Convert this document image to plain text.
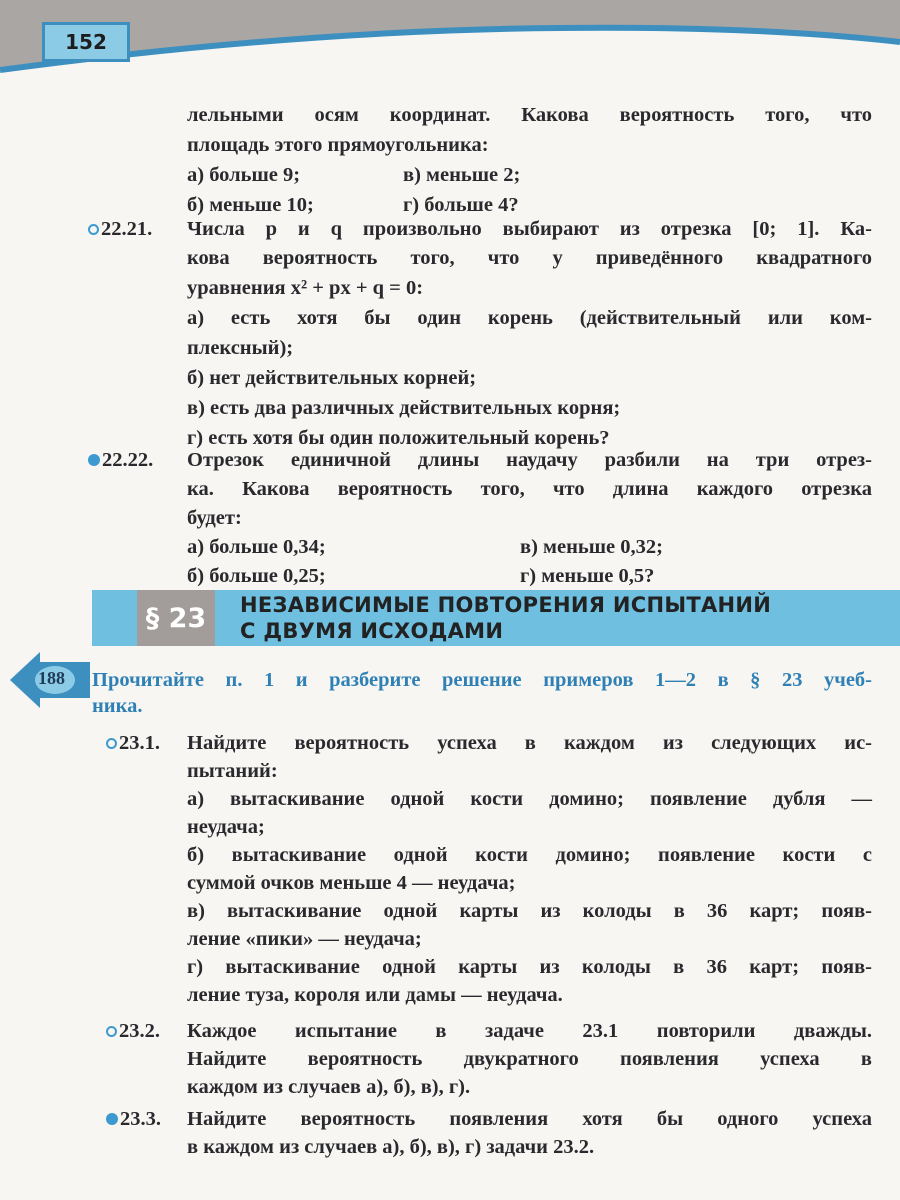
152
лельными осям координат. Какова вероятность того, что
площадь этого прямоугольника:
а) больше 9;	в) меньше 2;
б) меньше 10;	г) больше 4?
22.21. Числа p и q произвольно выбирают из отрезка [0; 1]. Ка-
кова вероятность того, что у приведённого квадратного
уравнения x² + px + q = 0:
а) есть хотя бы один корень (действительный или ком-
плексный);
б) нет действительных корней;
в) есть два различных действительных корня;
г) есть хотя бы один положительный корень?
22.22. Отрезок единичной длины наудачу разбили на три отрез-
ка. Какова вероятность того, что длина каждого отрезка
будет:
а) больше 0,34;	в) меньше 0,32;
б) больше 0,25;	г) меньше 0,5?
§ 23	НЕЗАВИСИМЫЕ ПОВТОРЕНИЯ ИСПЫТАНИЙ
С ДВУМЯ ИСХОДАМИ
188 Прочитайте п. 1 и разберите решение примеров 1—2 в § 23 учеб-
ника.
23.1. Найдите вероятность успеха в каждом из следующих ис-
пытаний:
а) вытаскивание одной кости домино; появление дубля —
неудача;
б) вытаскивание одной кости домино; появление кости с
суммой очков меньше 4 — неудача;
в) вытаскивание одной карты из колоды в 36 карт; появ-
ление «пики» — неудача;
г) вытаскивание одной карты из колоды в 36 карт; появ-
ление туза, короля или дамы — неудача.
23.2. Каждое испытание в задаче 23.1 повторили дважды.
Найдите вероятность двукратного появления успеха в
каждом из случаев а), б), в), г).
23.3. Найдите вероятность появления хотя бы одного успеха
в каждом из случаев а), б), в), г) задачи 23.2.
